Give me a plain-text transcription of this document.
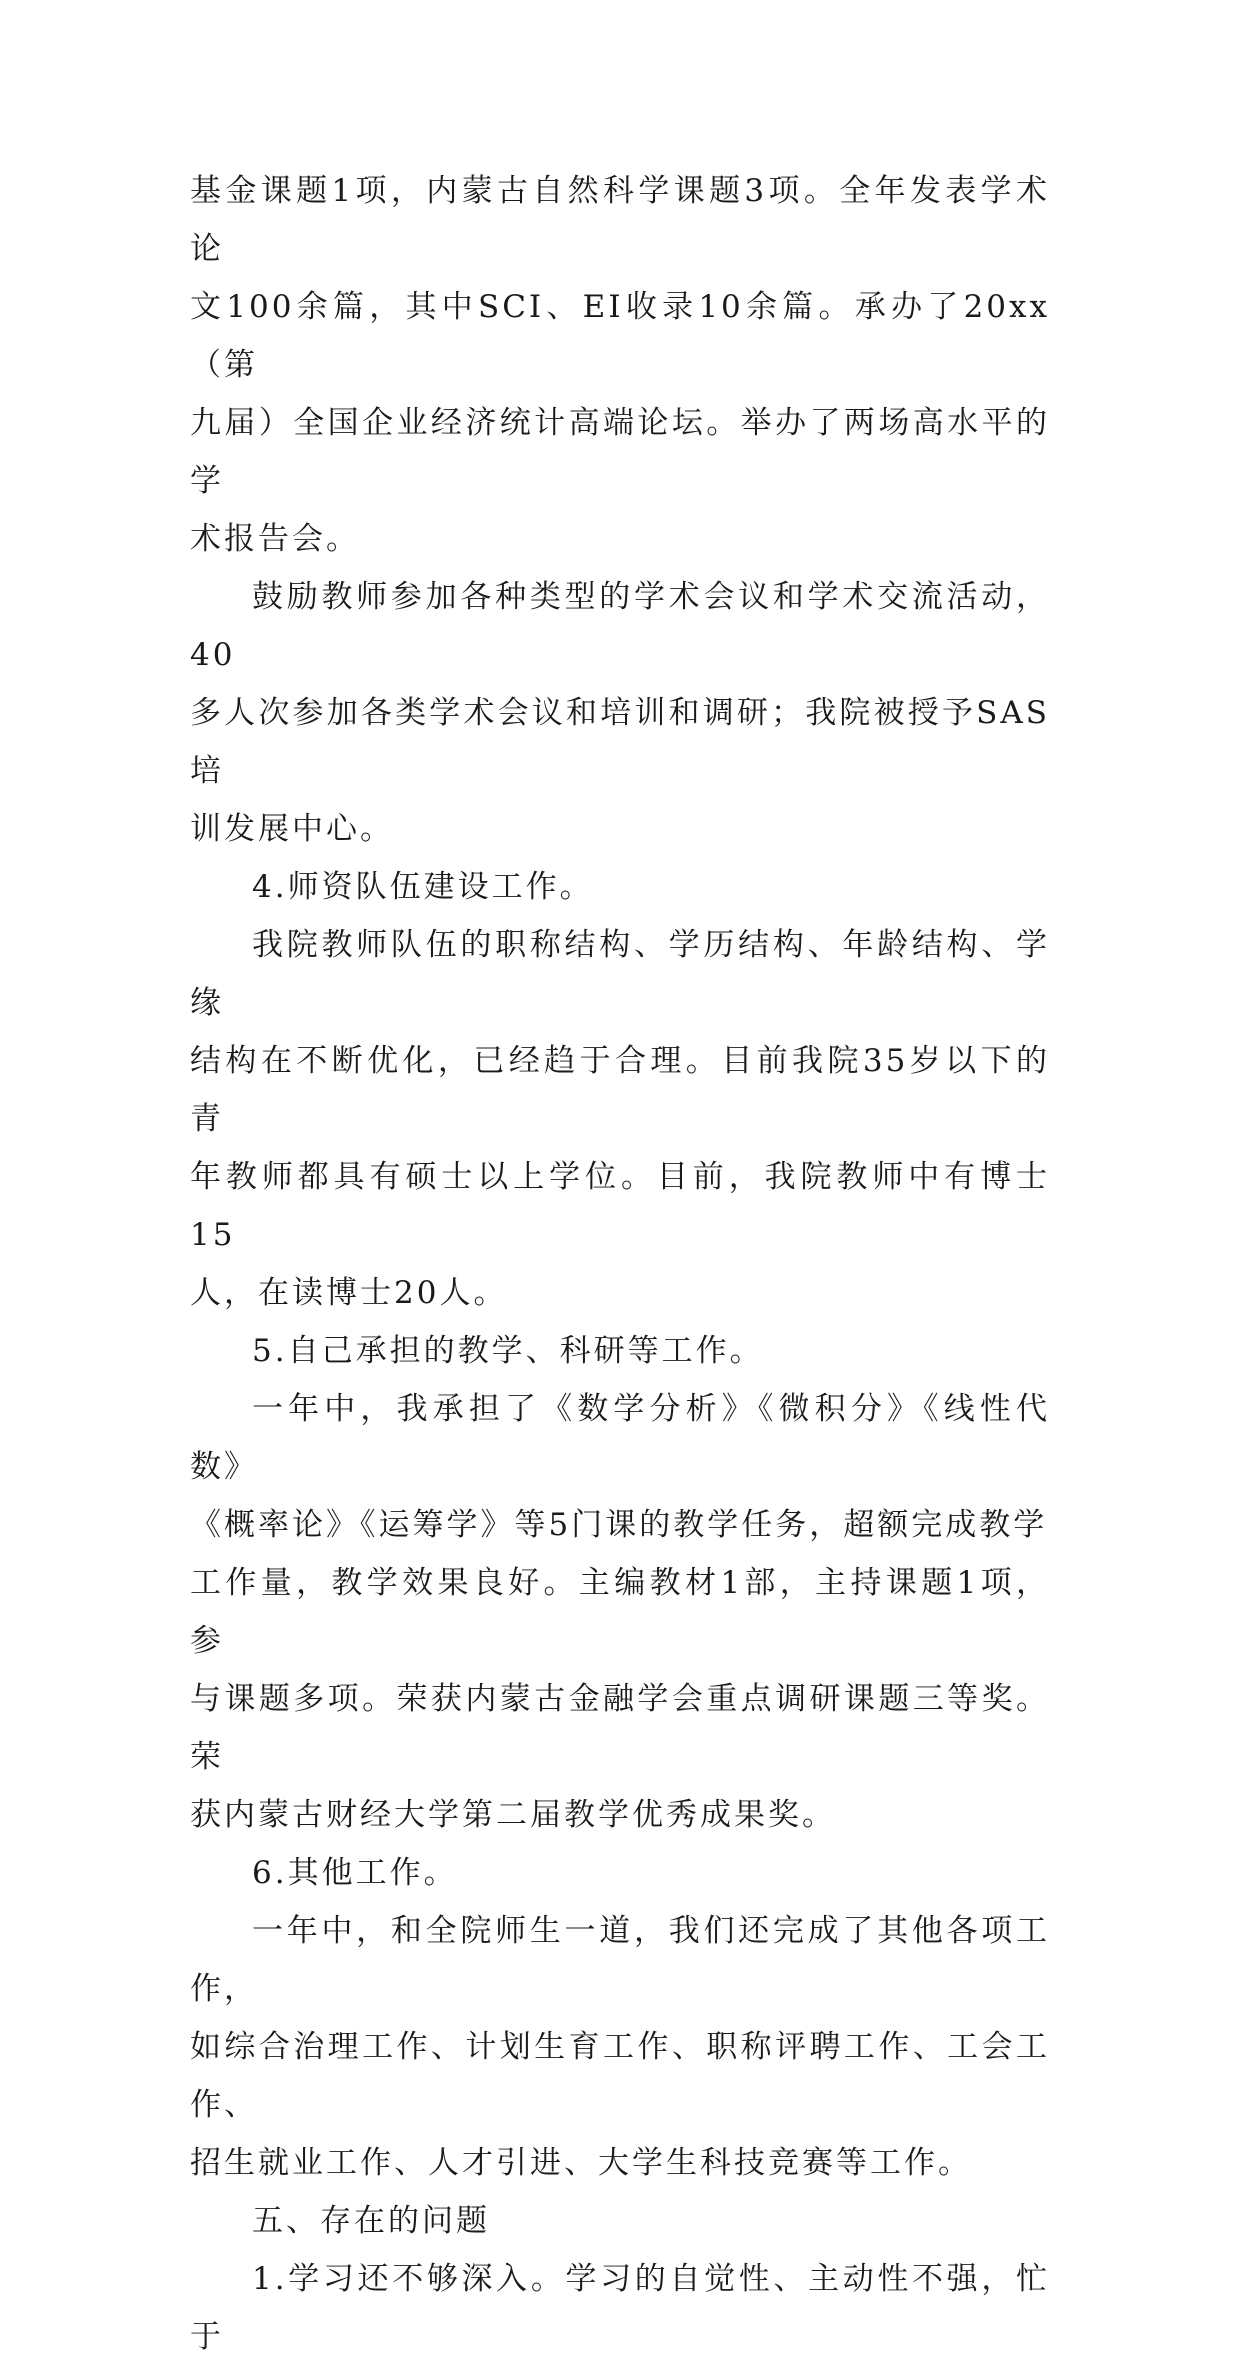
基金课题1项，内蒙古自然科学课题3项。全年发表学术论
文100余篇，其中SCI、EI收录10余篇。承办了20xx（第
九届）全国企业经济统计高端论坛。举办了两场高水平的学
术报告会。

鼓励教师参加各种类型的学术会议和学术交流活动，40
多人次参加各类学术会议和培训和调研；我院被授予SAS培
训发展中心。

4.师资队伍建设工作。

我院教师队伍的职称结构、学历结构、年龄结构、学缘
结构在不断优化，已经趋于合理。目前我院35岁以下的青
年教师都具有硕士以上学位。目前，我院教师中有博士15
人，在读博士20人。

5.自己承担的教学、科研等工作。

一年中，我承担了《数学分析》《微积分》《线性代数》
《概率论》《运筹学》等5门课的教学任务，超额完成教学
工作量，教学效果良好。主编教材1部，主持课题1项，参
与课题多项。荣获内蒙古金融学会重点调研课题三等奖。荣
获内蒙古财经大学第二届教学优秀成果奖。

6.其他工作。

一年中，和全院师生一道，我们还完成了其他各项工作，
如综合治理工作、计划生育工作、职称评聘工作、工会工作、
招生就业工作、人才引进、大学生科技竞赛等工作。

五、存在的问题

1.学习还不够深入。学习的自觉性、主动性不强，忙于
